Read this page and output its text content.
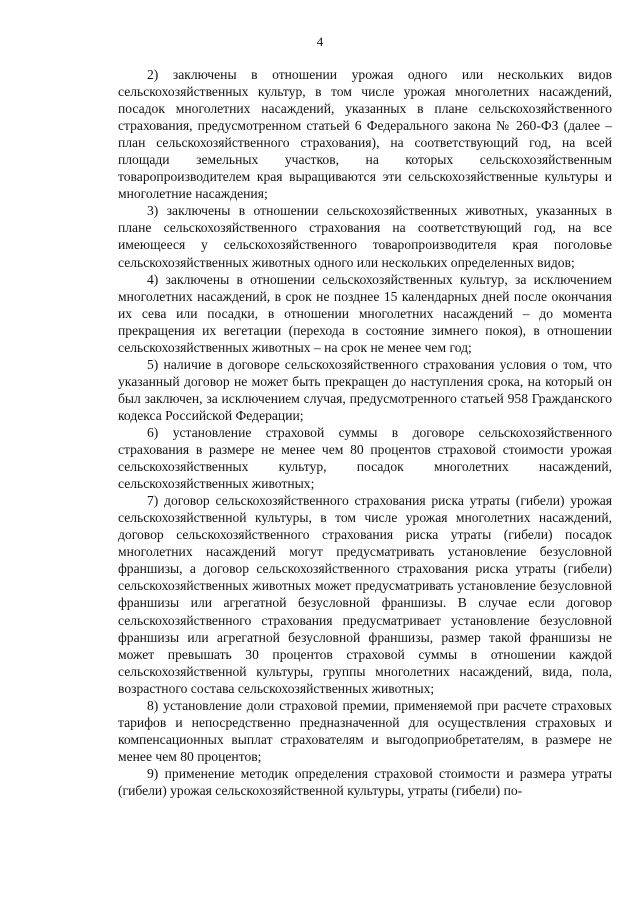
4

2) заключены в отношении урожая одного или нескольких видов сельскохозяйственных культур, в том числе урожая многолетних насаждений, посадок многолетних насаждений, указанных в плане сельскохозяйственного страхования, предусмотренном статьей 6 Федерального закона № 260-ФЗ (далее – план сельскохозяйственного страхования), на соответствующий год, на всей площади земельных участков, на которых сельскохозяйственным товаропроизводителем края выращиваются эти сельскохозяйственные культуры и многолетние насаждения;

3) заключены в отношении сельскохозяйственных животных, указанных в плане сельскохозяйственного страхования на соответствующий год, на все имеющееся у сельскохозяйственного товаропроизводителя края поголовье сельскохозяйственных животных одного или нескольких определенных видов;

4) заключены в отношении сельскохозяйственных культур, за исключением многолетних насаждений, в срок не позднее 15 календарных дней после окончания их сева или посадки, в отношении многолетних насаждений – до момента прекращения их вегетации (перехода в состояние зимнего покоя), в отношении сельскохозяйственных животных – на срок не менее чем год;

5) наличие в договоре сельскохозяйственного страхования условия о том, что указанный договор не может быть прекращен до наступления срока, на который он был заключен, за исключением случая, предусмотренного статьей 958 Гражданского кодекса Российской Федерации;

6) установление страховой суммы в договоре сельскохозяйственного страхования в размере не менее чем 80 процентов страховой стоимости урожая сельскохозяйственных культур, посадок многолетних насаждений, сельскохозяйственных животных;

7) договор сельскохозяйственного страхования риска утраты (гибели) урожая сельскохозяйственной культуры, в том числе урожая многолетних насаждений, договор сельскохозяйственного страхования риска утраты (гибели) посадок многолетних насаждений могут предусматривать установление безусловной франшизы, а договор сельскохозяйственного страхования риска утраты (гибели) сельскохозяйственных животных может предусматривать установление безусловной франшизы или агрегатной безусловной франшизы. В случае если договор сельскохозяйственного страхования предусматривает установление безусловной франшизы или агрегатной безусловной франшизы, размер такой франшизы не может превышать 30 процентов страховой суммы в отношении каждой сельскохозяйственной культуры, группы многолетних насаждений, вида, пола, возрастного состава сельскохозяйственных животных;

8) установление доли страховой премии, применяемой при расчете страховых тарифов и непосредственно предназначенной для осуществления страховых и компенсационных выплат страхователям и выгодоприобретателям, в размере не менее чем 80 процентов;

9) применение методик определения страховой стоимости и размера утраты (гибели) урожая сельскохозяйственной культуры, утраты (гибели) по-
